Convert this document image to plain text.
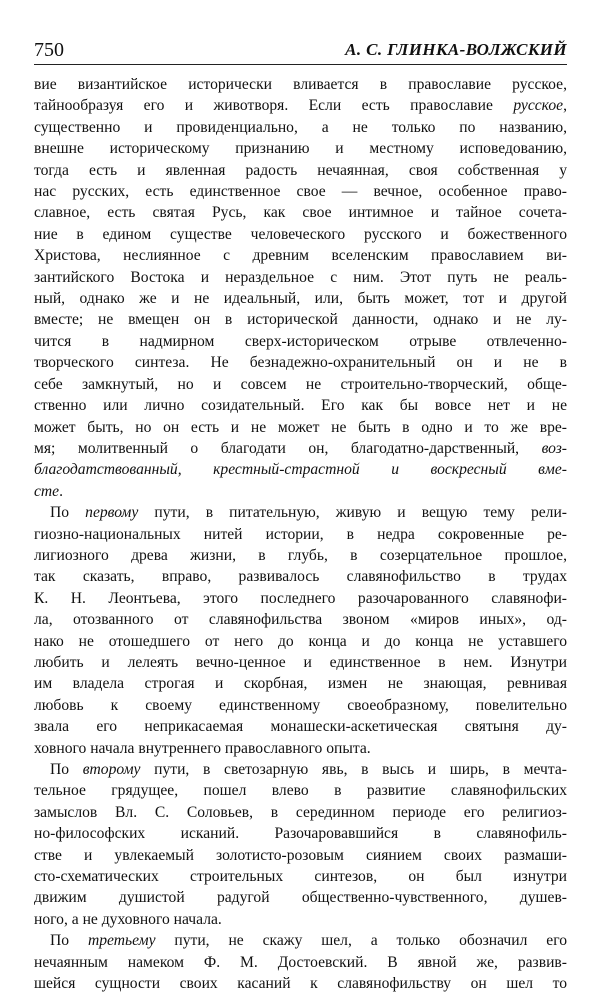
750	А. С. ГЛИНКА-ВОЛЖСКИЙ
вие византийское исторически вливается в православие русское,
тайнообразуя его и животворя. Если есть православие русское,
существенно и провиденциально, а не только по названию,
внешне историческому признанию и местному исповедованию,
тогда есть и явленная радость нечаянная, своя собственная у
нас русских, есть единственное свое — вечное, особенное право-
славное, есть святая Русь, как свое интимное и тайное сочета-
ние в едином существе человеческого русского и божественного
Христова, неслиянное с древним вселенским православием ви-
зантийского Востока и нераздельное с ним. Этот путь не реаль-
ный, однако же и не идеальный, или, быть может, тот и другой
вместе; не вмещен он в исторической данности, однако и не лу-
чится в надмирном сверх-историческом отрыве отвлеченно-
творческого синтеза. Не безнадежно-охранительный он и не в
себе замкнутый, но и совсем не строительно-творческий, обще-
ственно или лично созидательный. Его как бы вовсе нет и не
может быть, но он есть и не может не быть в одно и то же вре-
мя; молитвенный о благодати он, благодатно-дарственный, воз-
благодатствованный, крестный-страстной и воскресный вме-
сте.
По первому пути, в питательную, живую и вещую тему рели-
гиозно-национальных нитей истории, в недра сокровенные ре-
лигиозного древа жизни, в глубь, в созерцательное прошлое,
так сказать, вправо, развивалось славянофильство в трудах
К. Н. Леонтьева, этого последнего разочарованного славянофи-
ла, отозванного от славянофильства звоном «миров иных», од-
нако не отошедшего от него до конца и до конца не уставшего
любить и лелеять вечно-ценное и единственное в нем. Изнутри
им владела строгая и скорбная, измен не знающая, ревнивая
любовь к своему единственному своеобразному, повелительно
звала его неприкасаемая монашески-аскетическая святыня ду-
ховного начала внутреннего православного опыта.
По второму пути, в светозарную явь, в высь и ширь, в мечта-
тельное грядущее, пошел влево в развитие славянофильских
замыслов Вл. С. Соловьев, в серединном периоде его религиоз-
но-философских исканий. Разочаровавшийся в славянофиль-
стве и увлекаемый золотисто-розовым сиянием своих размаши-
сто-схематических строительных синтезов, он был изнутри
движим душистой радугой общественно-чувственного, душев-
ного, а не духовного начала.
По третьему пути, не скажу шел, а только обозначил его
нечаянным намеком Ф. М. Достоевский. В явной же, развив-
шейся сущности своих касаний к славянофильству он шел то
